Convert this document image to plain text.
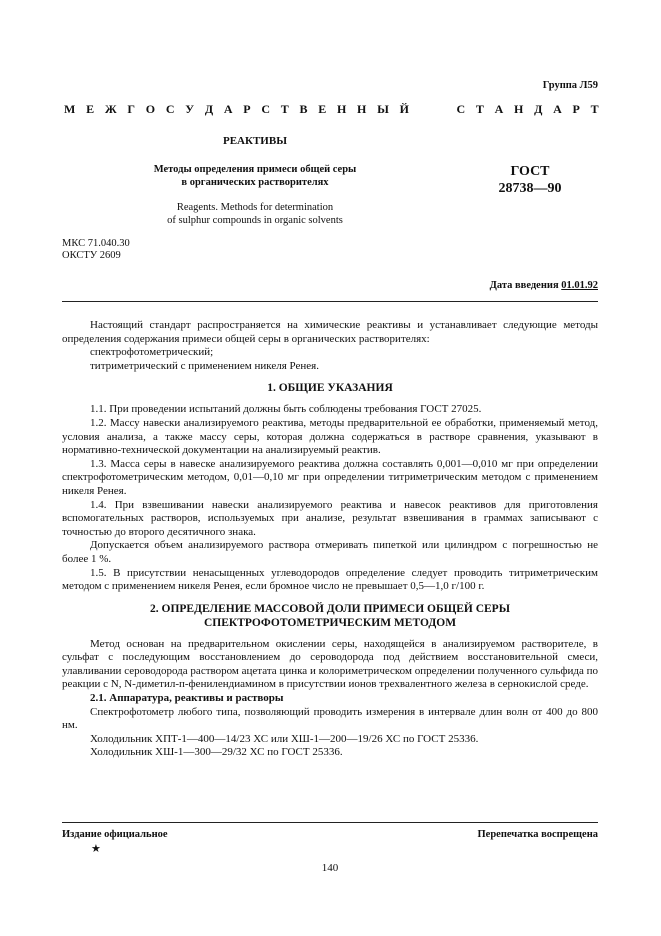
Группа Л59
М Е Ж Г О С У Д А Р С Т В Е Н Н Ы Й	С Т А Н Д А Р Т
РЕАКТИВЫ
Методы определения примеси общей серы
в органических растворителях
Reagents. Methods for determination
of sulphur compounds in organic solvents
ГОСТ
28738—90
МКС 71.040.30
ОКСТУ 2609
Дата введения 01.01.92

Настоящий стандарт распространяется на химические реактивы и устанавливает следующие методы определения содержания примеси общей серы в органических растворителях:

спектрофотометрический;

титриметрический с применением никеля Ренея.

1. ОБЩИЕ УКАЗАНИЯ

1.1. При проведении испытаний должны быть соблюдены требования ГОСТ 27025.

1.2. Массу навески анализируемого реактива, методы предварительной ее обработки, применяемый метод, условия анализа, а также массу серы, которая должна содержаться в растворе сравнения, указывают в нормативно-технической документации на анализируемый реактив.

1.3. Масса серы в навеске анализируемого реактива должна составлять 0,001—0,010 мг при определении спектрофотометрическим методом, 0,01—0,10 мг при определении титриметрическим методом с применением никеля Ренея.

1.4. При взвешивании навески анализируемого реактива и навесок реактивов для приготовления вспомогательных растворов, используемых при анализе, результат взвешивания в граммах записывают с точностью до второго десятичного знака.

Допускается объем анализируемого раствора отмеривать пипеткой или цилиндром с погрешностью не более 1 %.

1.5. В присутствии ненасыщенных углеводородов определение следует проводить титриметрическим методом с применением никеля Ренея, если бромное число не превышает 0,5—1,0 г/100 г.

2. ОПРЕДЕЛЕНИЕ МАССОВОЙ ДОЛИ ПРИМЕСИ ОБЩЕЙ СЕРЫ
СПЕКТРОФОТОМЕТРИЧЕСКИМ МЕТОДОМ

Метод основан на предварительном окислении серы, находящейся в анализируемом растворителе, в сульфат с последующим восстановлением до сероводорода под действием восстановительной смеси, улавливании сероводорода раствором ацетата цинка и колориметрическом определении полученного сульфида по реакции с N, N-диметил-п-фенилендиамином в присутствии ионов трехвалентного железа в сернокислой среде.

2.1. Аппаратура, реактивы и растворы

Спектрофотометр любого типа, позволяющий проводить измерения в интервале длин волн от 400 до 800 нм.

Холодильник ХПТ-1—400—14/23 ХС или ХШ-1—200—19/26 ХС по ГОСТ 25336.

Холодильник ХШ-1—300—29/32 ХС по ГОСТ 25336.

Издание официальное
★
Перепечатка воспрещена
140
